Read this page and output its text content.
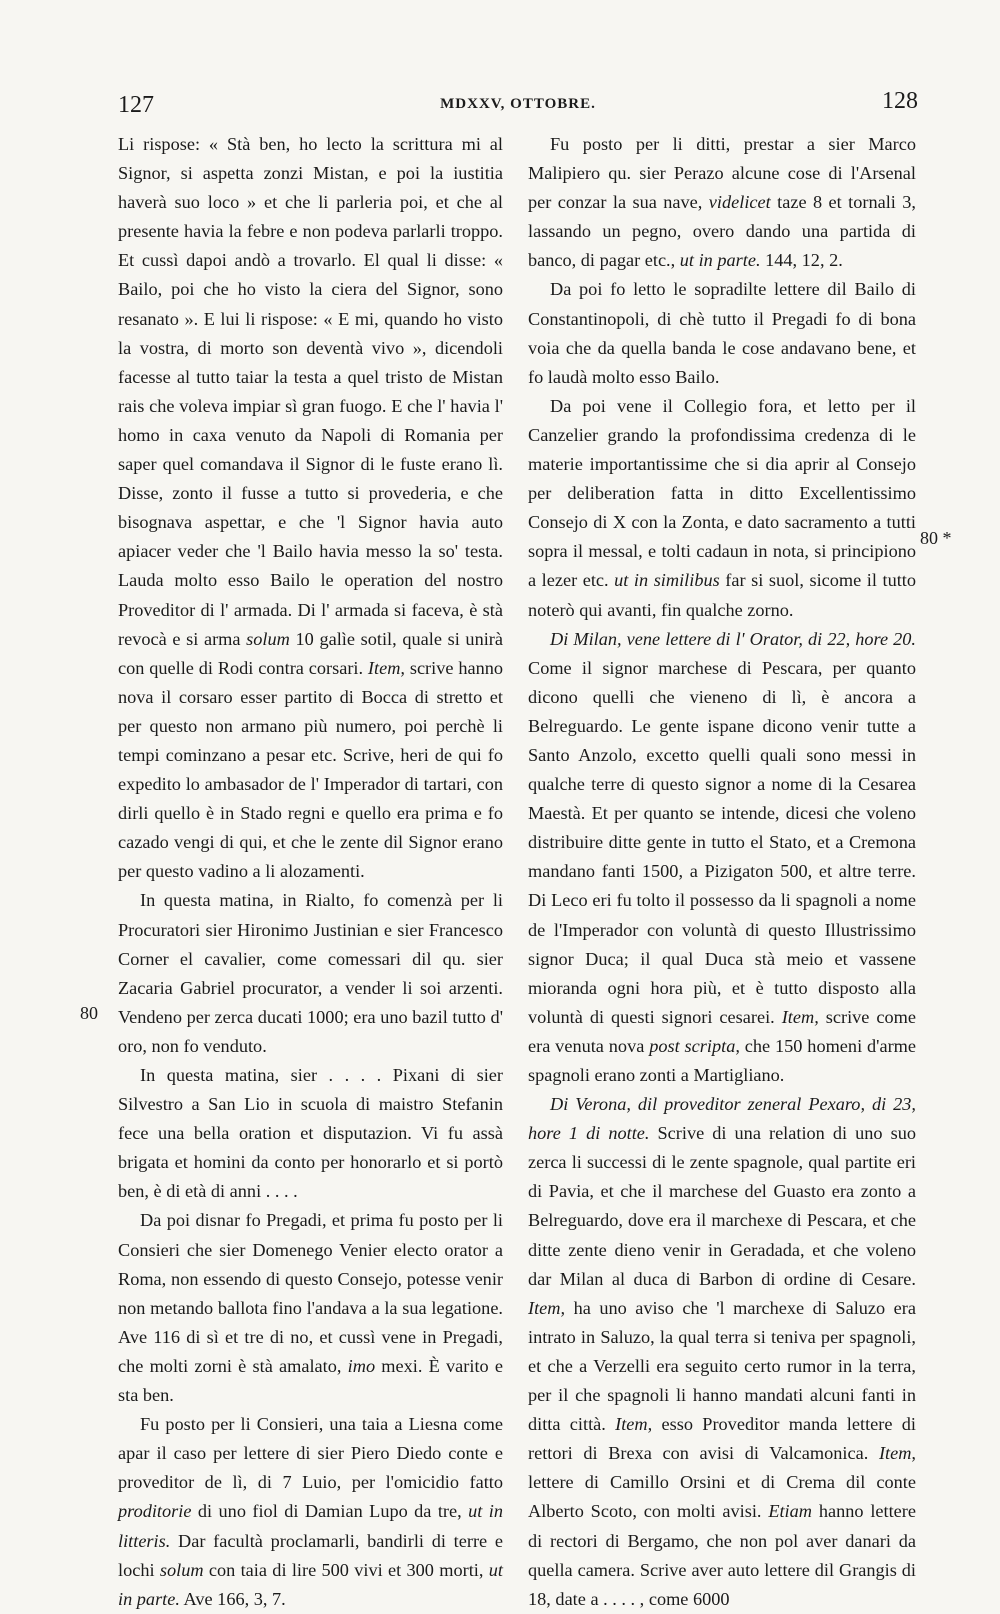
127	MDXXV, OTTOBRE.	128

Li rispose: « Stà ben, ho lecto la scrittura mi al Signor, si aspetta zonzi Mistan, e poi la iustitia haverà suo loco » et che li parleria poi, et che al presente havia la febre e non podeva parlarli troppo. Et cussì dapoi andò a trovarlo. El qual li disse: « Bailo, poi che ho visto la ciera del Signor, sono resanato ». E lui li rispose: « E mi, quando ho visto la vostra, di morto son deventà vivo », dicendoli facesse al tutto taiar la testa a quel tristo de Mistan rais che voleva impiar sì gran fuogo. E che l' havia l' homo in caxa venuto da Napoli di Romania per saper quel comandava il Signor di le fuste erano lì. Disse, zonto il fusse a tutto si provederia, e che bisognava aspettar, e che 'l Signor havia auto apiacer veder che 'l Bailo havia messo la so' testa. Lauda molto esso Bailo le operation del nostro Proveditor di l' armada. Di l' armada si faceva, è stà revocà e si arma solum 10 galìe sotil, quale si unirà con quelle di Rodi contra corsari. Item, scrive hanno nova il corsaro esser partito di Bocca di stretto et per questo non armano più numero, poi perchè li tempi cominzano a pesar etc. Scrive, heri de qui fo expedito lo ambasador de l' Imperador di tartari, con dirli quello è in Stado regni e quello era prima e fo cazado vengi di qui, et che le zente dil Signor erano per questo vadino a li alozamenti.

In questa matina, in Rialto, fo comenzà per li Procuratori sier Hironimo Justinian e sier Francesco Corner el cavalier, come comessari dil qu. sier Zacaria Gabriel procurator, a vender li soi arzenti. Vendeno per zerca ducati 1000; era uno bazil tutto d' oro, non fo venduto.

In questa matina, sier . . . . Pixani di sier Silvestro a San Lio in scuola di maistro Stefanin fece una bella oration et disputazion. Vi fu assà brigata et homini da conto per honorarlo et si portò ben, è di età di anni . . . .

Da poi disnar fo Pregadi, et prima fu posto per li Consieri che sier Domenego Venier electo orator a Roma, non essendo di questo Consejo, potesse venir non metando ballota fino l'andava a la sua legatione. Ave 116 di sì et tre di no, et cussì vene in Pregadi, che molti zorni è stà amalato, imo mexi. È varito e sta ben.

Fu posto per li Consieri, una taia a Liesna come apar il caso per lettere di sier Piero Diedo conte e proveditor de lì, di 7 Luio, per l'omicidio fatto proditorie di uno fiol di Damian Lupo da tre, ut in litteris. Dar facultà proclamarli, bandirli di terre e lochi solum con taia di lire 500 vivi et 300 morti, ut in parte. Ave 166, 3, 7.

Fu posto per li ditti, prestar a sier Marco Malipiero qu. sier Perazo alcune cose di l'Arsenal per conzar la sua nave, videlicet taze 8 et tornali 3, lassando un pegno, overo dando una partida di banco, di pagar etc., ut in parte. 144, 12, 2.

Da poi fo letto le sopradilte lettere dil Bailo di Constantinopoli, di chè tutto il Pregadi fo di bona voia che da quella banda le cose andavano bene, et fo laudà molto esso Bailo.

Da poi vene il Collegio fora, et letto per il Canzelier grando la profondissima credenza di le materie importantissime che si dia aprir al Consejo per deliberation fatta in ditto Excellentissimo Consejo di X con la Zonta, e dato sacramento a tutti sopra il messal, e tolti cadaun in nota, si principiono a lezer etc. ut in similibus far si suol, sicome il tutto noterò qui avanti, fin qualche zorno.

Di Milan, vene lettere di l' Orator, di 22, hore 20. Come il signor marchese di Pescara, per quanto dicono quelli che vieneno di lì, è ancora a Belreguardo. Le gente ispane dicono venir tutte a Santo Anzolo, excetto quelli quali sono messi in qualche terre di questo signor a nome di la Cesarea Maestà. Et per quanto se intende, dicesi che voleno distribuire ditte gente in tutto el Stato, et a Cremona mandano fanti 1500, a Pizigaton 500, et altre terre. Di Leco eri fu tolto il possesso da li spagnoli a nome de l'Imperador con voluntà di questo Illustrissimo signor Duca; il qual Duca stà meio et vassene mioranda ogni hora più, et è tutto disposto alla voluntà di questi signori cesarei. Item, scrive come era venuta nova post scripta, che 150 homeni d'arme spagnoli erano zonti a Martigliano.

Di Verona, dil proveditor zeneral Pexaro, di 23, hore 1 di notte. Scrive di una relation di uno suo zerca li successi di le zente spagnole, qual partite eri di Pavia, et che il marchese del Guasto era zonto a Belreguardo, dove era il marchexe di Pescara, et che ditte zente dieno venir in Geradada, et che voleno dar Milan al duca di Barbon di ordine di Cesare. Item, ha uno aviso che 'l marchexe di Saluzo era intrato in Saluzo, la qual terra si teniva per spagnoli, et che a Verzelli era seguito certo rumor in la terra, per il che spagnoli li hanno mandati alcuni fanti in ditta città. Item, esso Proveditor manda lettere di rettori di Brexa con avisi di Valcamonica. Item, lettere di Camillo Orsini et di Crema dil conte Alberto Scoto, con molti avisi. Etiam hanno lettere di rectori di Bergamo, che non pol aver danari da quella camera. Scrive aver auto lettere dil Grangis di 18, date a . . . . , come 6000

80
80 *
